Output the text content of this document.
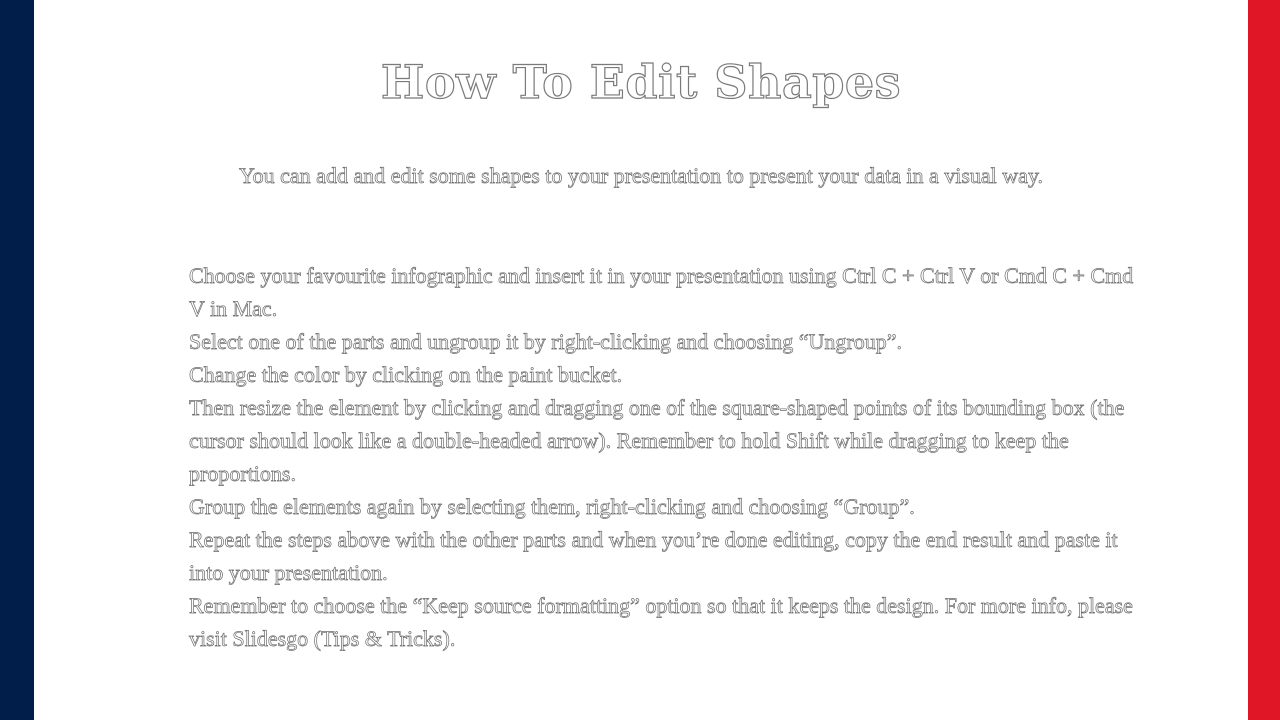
How To Edit Shapes

You can add and edit some shapes to your presentation to present your data in a visual way.

Choose your favourite infographic and insert it in your presentation using Ctrl C + Ctrl V or Cmd C + Cmd V in Mac.
Select one of the parts and ungroup it by right-clicking and choosing “Ungroup”.
Change the color by clicking on the paint bucket.
Then resize the element by clicking and dragging one of the square-shaped points of its bounding box (the cursor should look like a double-headed arrow). Remember to hold Shift while dragging to keep the proportions.
Group the elements again by selecting them, right-clicking and choosing “Group”.
Repeat the steps above with the other parts and when you’re done editing, copy the end result and paste it into your presentation.
Remember to choose the “Keep source formatting” option so that it keeps the design. For more info, please visit Slidesgo (Tips & Tricks).
